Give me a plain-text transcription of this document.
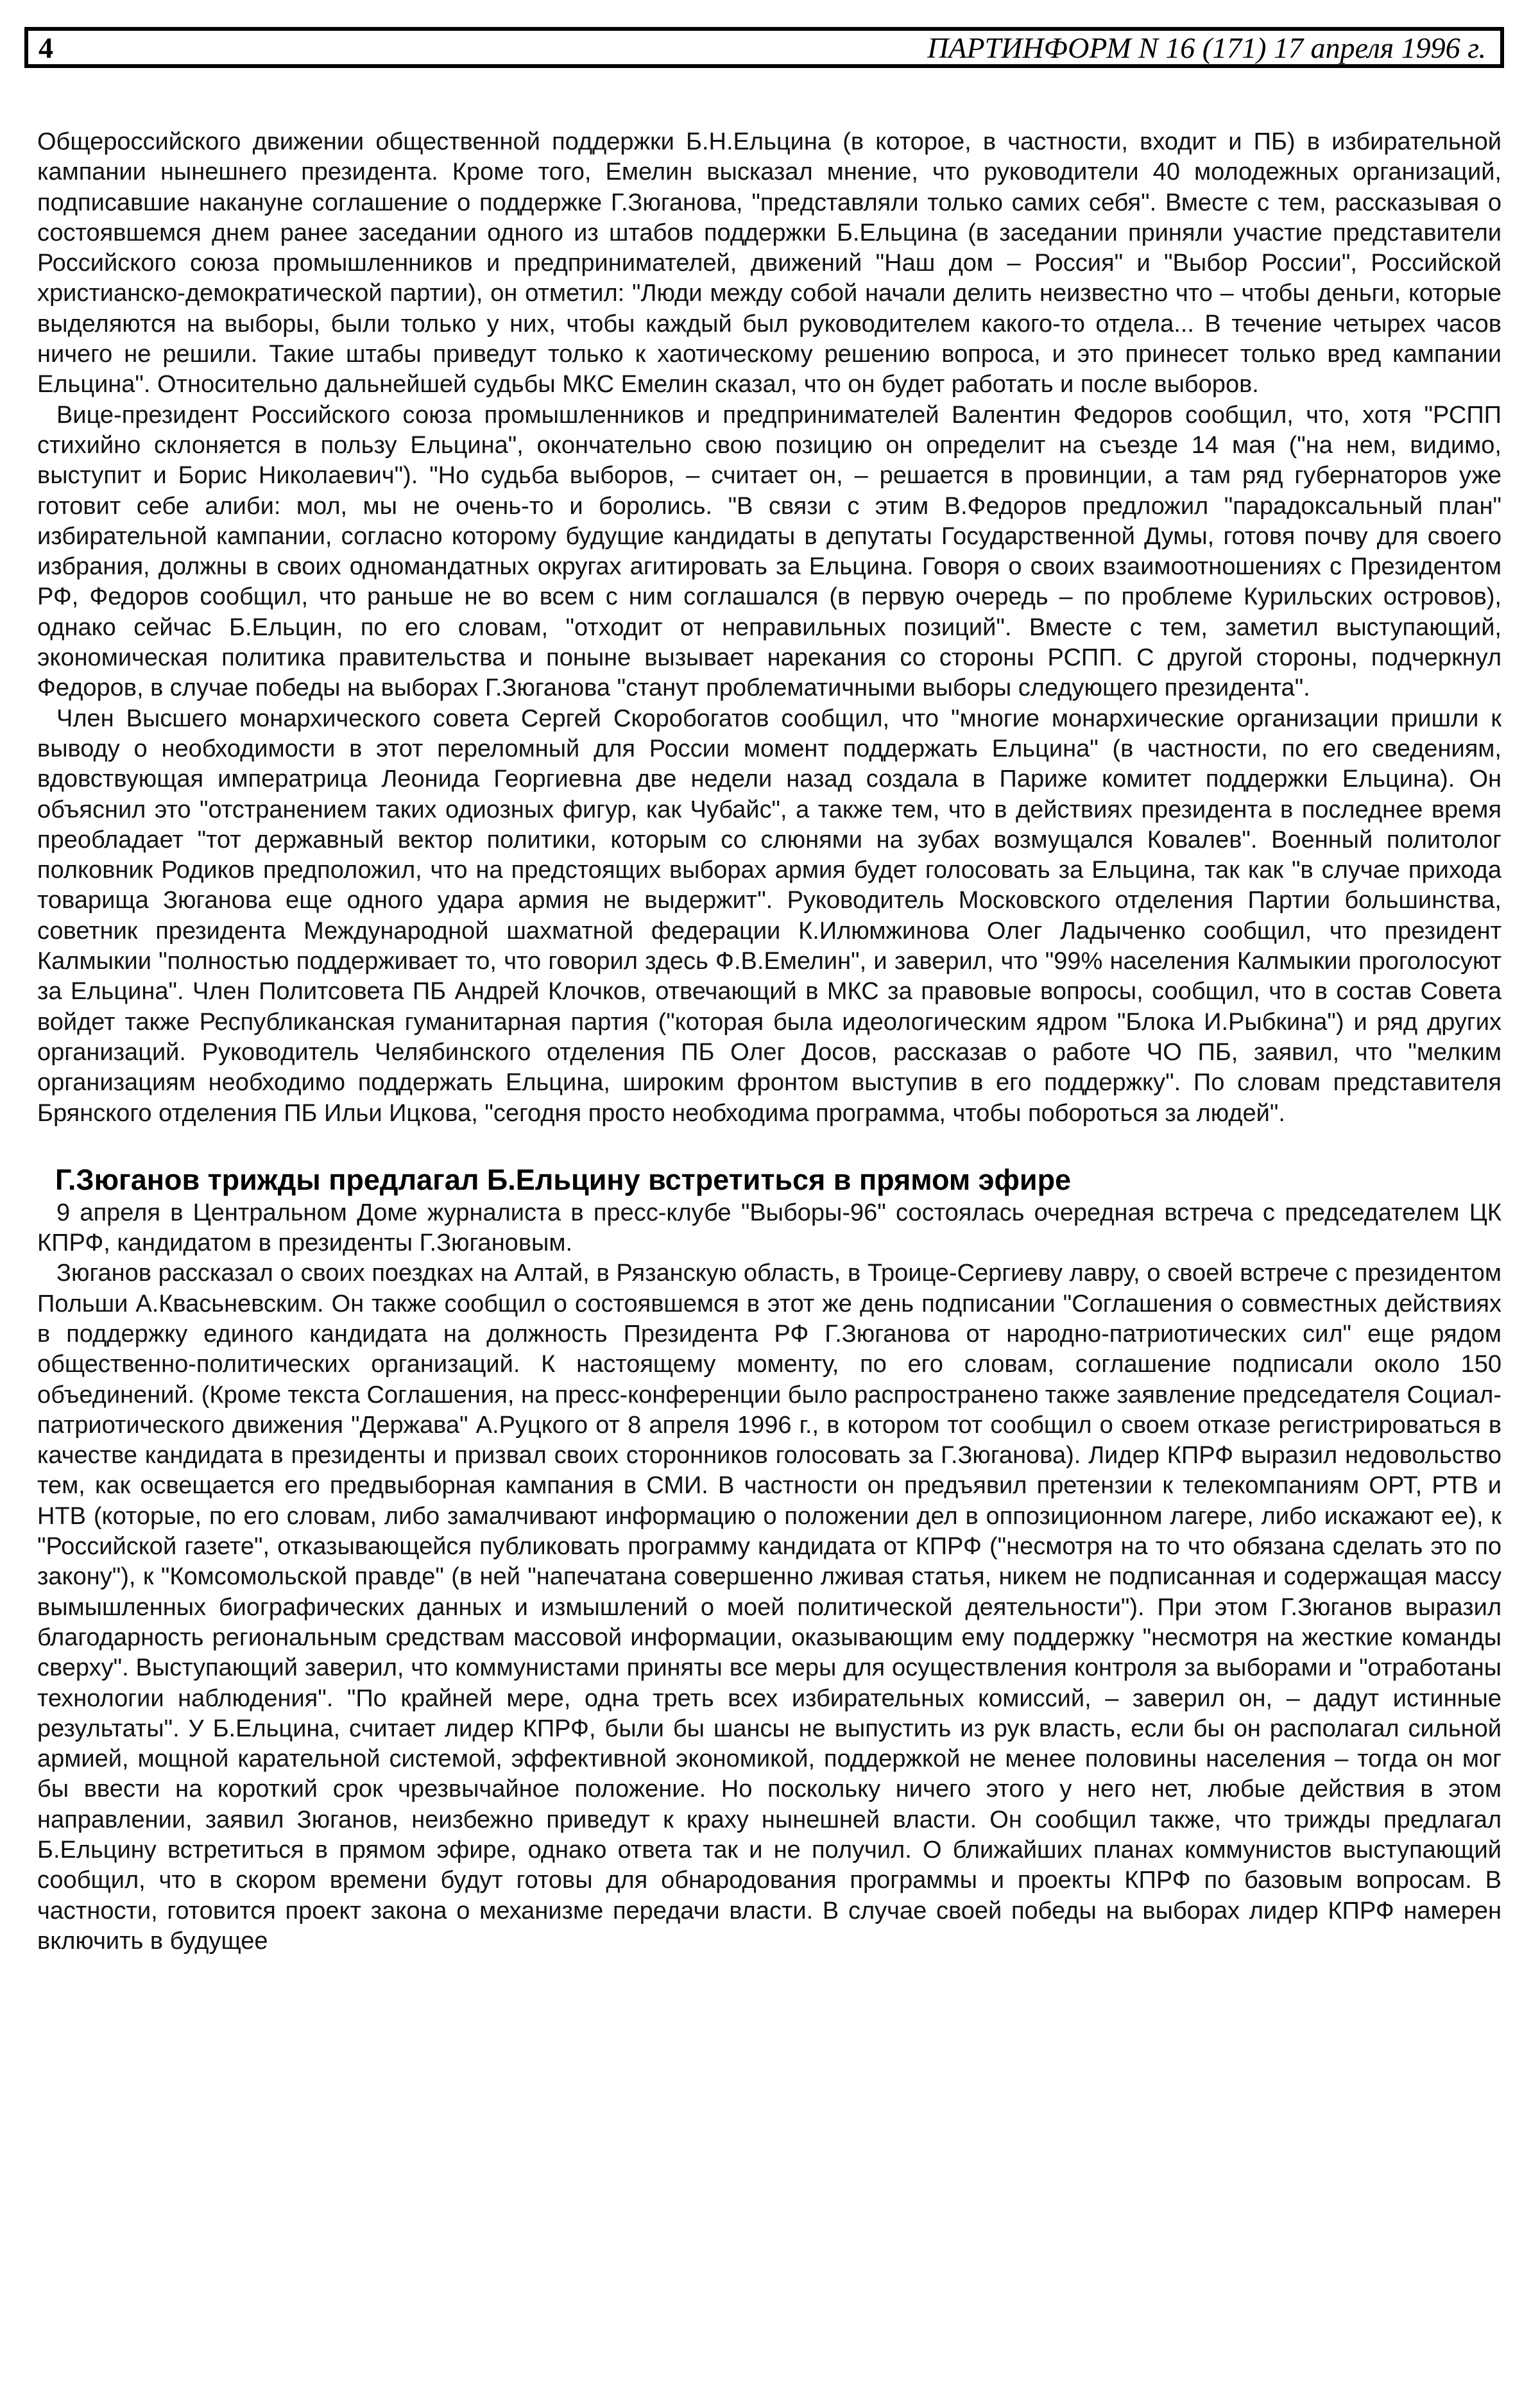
4	ПАРТИНФОРМ N 16 (171) 17 апреля 1996 г.

Общероссийского движении общественной поддержки Б.Н.Ельцина (в которое, в частности, входит и ПБ) в избирательной кампании нынешнего президента. Кроме того, Емелин высказал мнение, что руководители 40 молодежных организаций, подписавшие накануне соглашение о поддержке Г.Зюганова, "представляли только самих себя". Вместе с тем, рассказывая о состоявшемся днем ранее заседании одного из штабов поддержки Б.Ельцина (в заседании приняли участие представители Российского союза промышленников и предпринимателей, движений "Наш дом – Россия" и "Выбор России", Российской христианско-демократической партии), он отметил: "Люди между собой начали делить неизвестно что – чтобы деньги, которые выделяются на выборы, были только у них, чтобы каждый был руководителем какого-то отдела... В течение четырех часов ничего не решили. Такие штабы приведут только к хаотическому решению вопроса, и это принесет только вред кампании Ельцина". Относительно дальнейшей судьбы МКС Емелин сказал, что он будет работать и после выборов.

Вице-президент Российского союза промышленников и предпринимателей Валентин Федоров сообщил, что, хотя "РСПП стихийно склоняется в пользу Ельцина", окончательно свою позицию он определит на съезде 14 мая ("на нем, видимо, выступит и Борис Николаевич"). "Но судьба выборов, – считает он, – решается в провинции, а там ряд губернаторов уже готовит себе алиби: мол, мы не очень-то и боролись. "В связи с этим В.Федоров предложил "парадоксальный план" избирательной кампании, согласно которому будущие кандидаты в депутаты Государственной Думы, готовя почву для своего избрания, должны в своих одномандатных округах агитировать за Ельцина. Говоря о своих взаимоотношениях с Президентом РФ, Федоров сообщил, что раньше не во всем с ним соглашался (в первую очередь – по проблеме Курильских островов), однако сейчас Б.Ельцин, по его словам, "отходит от неправильных позиций". Вместе с тем, заметил выступающий, экономическая политика правительства и поныне вызывает нарекания со стороны РСПП. С другой стороны, подчеркнул Федоров, в случае победы на выборах Г.Зюганова "станут проблематичными выборы следующего президента".

Член Высшего монархического совета Сергей Скоробогатов сообщил, что "многие монархические организации пришли к выводу о необходимости в этот переломный для России момент поддержать Ельцина" (в частности, по его сведениям, вдовствующая императрица Леонида Георгиевна две недели назад создала в Париже комитет поддержки Ельцина). Он объяснил это "отстранением таких одиозных фигур, как Чубайс", а также тем, что в действиях президента в последнее время преобладает "тот державный вектор политики, которым со слюнями на зубах возмущался Ковалев". Военный политолог полковник Родиков предположил, что на предстоящих выборах армия будет голосовать за Ельцина, так как "в случае прихода товарища Зюганова еще одного удара армия не выдержит". Руководитель Московского отделения Партии большинства, советник президента Международной шахматной федерации К.Илюмжинова Олег Ладыченко сообщил, что президент Калмыкии "полностью поддерживает то, что говорил здесь Ф.В.Емелин", и заверил, что "99% населения Калмыкии проголосуют за Ельцина". Член Политсовета ПБ Андрей Клочков, отвечающий в МКС за правовые вопросы, сообщил, что в состав Совета войдет также Республиканская гуманитарная партия ("которая была идеологическим ядром "Блока И.Рыбкина") и ряд других организаций. Руководитель Челябинского отделения ПБ Олег Досов, рассказав о работе ЧО ПБ, заявил, что "мелким организациям необходимо поддержать Ельцина, широким фронтом выступив в его поддержку". По словам представителя Брянского отделения ПБ Ильи Ицкова, "сегодня просто необходима программа, чтобы побороться за людей".

Г.Зюганов трижды предлагал Б.Ельцину встретиться в прямом эфире

9 апреля в Центральном Доме журналиста в пресс-клубе "Выборы-96" состоялась очередная встреча с председателем ЦК КПРФ, кандидатом в президенты Г.Зюгановым.

Зюганов рассказал о своих поездках на Алтай, в Рязанскую область, в Троице-Сергиеву лавру, о своей встрече с президентом Польши А.Квасьневским. Он также сообщил о состоявшемся в этот же день подписании "Соглашения о совместных действиях в поддержку единого кандидата на должность Президента РФ Г.Зюганова от народно-патриотических сил" еще рядом общественно-политических организаций. К настоящему моменту, по его словам, соглашение подписали около 150 объединений. (Кроме текста Соглашения, на пресс-конференции было распространено также заявление председателя Социал-патриотического движения "Держава" А.Руцкого от 8 апреля 1996 г., в котором тот сообщил о своем отказе регистрироваться в качестве кандидата в президенты и призвал своих сторонников голосовать за Г.Зюганова). Лидер КПРФ выразил недовольство тем, как освещается его предвыборная кампания в СМИ. В частности он предъявил претензии к телекомпаниям ОРТ, РТВ и НТВ (которые, по его словам, либо замалчивают информацию о положении дел в оппозиционном лагере, либо искажают ее), к "Российской газете", отказывающейся публиковать программу кандидата от КПРФ ("несмотря на то что обязана сделать это по закону"), к "Комсомольской правде" (в ней "напечатана совершенно лживая статья, никем не подписанная и содержащая массу вымышленных биографических данных и измышлений о моей политической деятельности"). При этом Г.Зюганов выразил благодарность региональным средствам массовой информации, оказывающим ему поддержку "несмотря на жесткие команды сверху". Выступающий заверил, что коммунистами приняты все меры для осуществления контроля за выборами и "отработаны технологии наблюдения". "По крайней мере, одна треть всех избирательных комиссий, – заверил он, – дадут истинные результаты". У Б.Ельцина, считает лидер КПРФ, были бы шансы не выпустить из рук власть, если бы он располагал сильной армией, мощной карательной системой, эффективной экономикой, поддержкой не менее половины населения – тогда он мог бы ввести на короткий срок чрезвычайное положение. Но поскольку ничего этого у него нет, любые действия в этом направлении, заявил Зюганов, неизбежно приведут к краху нынешней власти. Он сообщил также, что трижды предлагал Б.Ельцину встретиться в прямом эфире, однако ответа так и не получил. О ближайших планах коммунистов выступающий сообщил, что в скором времени будут готовы для обнародования программы и проекты КПРФ по базовым вопросам. В частности, готовится проект закона о механизме передачи власти. В случае своей победы на выборах лидер КПРФ намерен включить в будущее
